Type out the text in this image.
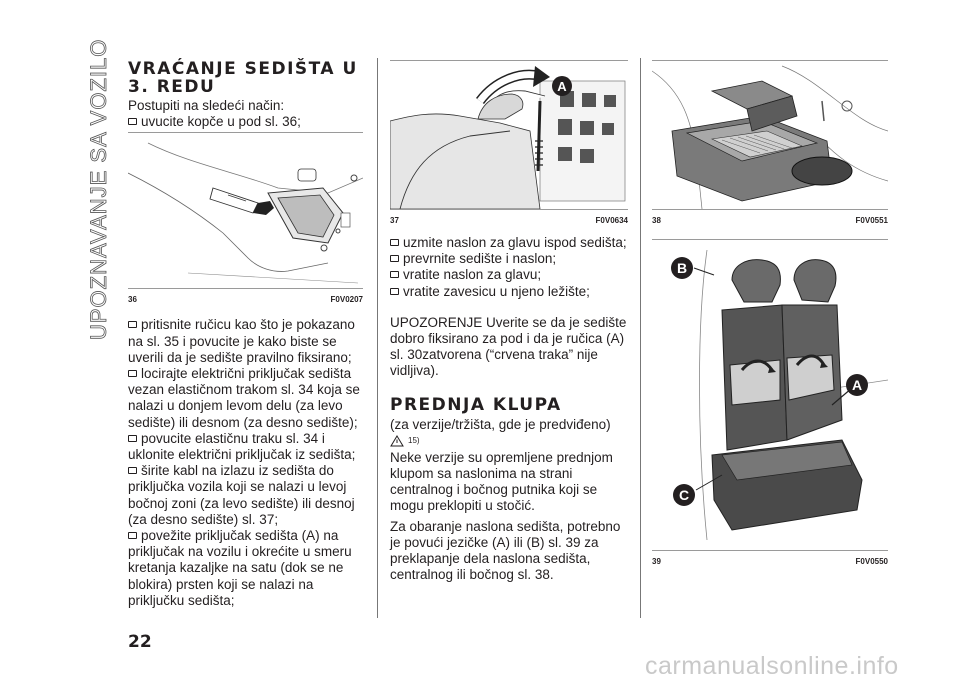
UPOZNAVANJE SA VOZILOM VRAĆANJE SEDIŠTA U 3. REDU

Postupiti na sledeći način:

uvucite kopče u pod sl. 36;

36	F0V0207

pritisnite ručicu kao što je pokazano na sl. 35 i povucite je kako biste se uverili da je sedište pravilno fiksirano;

locirajte električni priključak sedišta vezan elastičnom trakom sl. 34 koja se nalazi u donjem levom delu (za levo sedište) ili desnom (za desno sedište);

povucite elastičnu traku sl. 34 i uklonite električni priključak iz sedišta;

širite kabl na izlazu iz sedišta do priključka vozila koji se nalazi u levoj bočnoj zoni (za levo sedište) ili desnoj (za desno sedište) sl. 37;

povežite priključak sedišta (A) na priključak na vozilu i okrećite u smeru kretanja kazaljke na satu (dok se ne blokira) prsten koji se nalazi na priključku sedišta;

A
37	F0V0634

uzmite naslon za glavu ispod sedišta;

prevrnite sedište i naslon;

vratite naslon za glavu;

vratite zavesicu u njeno ležište;

UPOZORENJE Uverite se da je sedište dobro fiksirano za pod i da je ručica (A) sl. 30zatvorena (“crvena traka” nije vidljiva).

PREDNJA KLUPA

(za verzije/tržišta, gde je predviđeno)

15)

Neke verzije su opremljene prednjom klupom sa naslonima na strani centralnog i bočnog putnika koji se mogu preklopiti u stočić.

Za obaranje naslona sedišta, potrebno je povući jezičke (A) ili (B) sl. 39 za preklapanje dela naslona sedišta, centralnog ili bočnog sl. 38.

38	F0V0551
B
A
C
39	F0V0550
22
carmanualsonline.info
